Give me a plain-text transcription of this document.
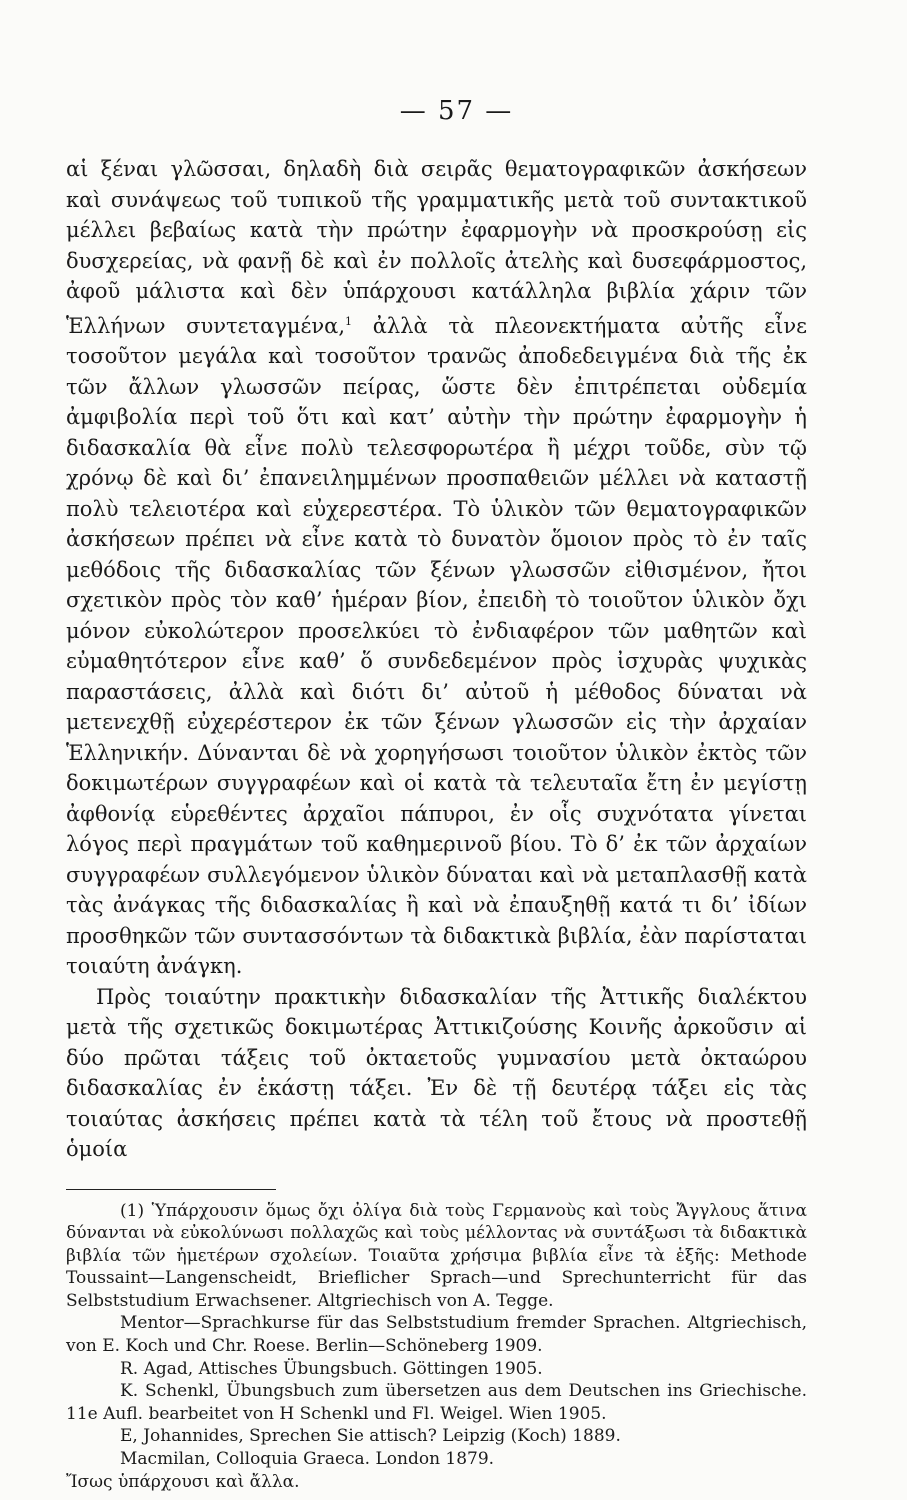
— 57 —

αἱ ξέναι γλῶσσαι, δηλαδὴ διὰ σειρᾶς θεματογραφικῶν ἀσκήσεων καὶ συνάψεως τοῦ τυπικοῦ τῆς γραμματικῆς μετὰ τοῦ συντακτικοῦ μέλλει βεβαίως κατὰ τὴν πρώτην ἐφαρμογὴν νὰ προσκρούσῃ εἰς δυσχερείας, νὰ φανῇ δὲ καὶ ἐν πολλοῖς ἀτελὴς καὶ δυσεφάρμοστος, ἀφοῦ μάλιστα καὶ δὲν ὑπάρχουσι κατάλληλα βιβλία χάριν τῶν Ἑλλήνων συντεταγμένα,$^1$ ἀλλὰ τὰ πλεονεκτήματα αὐτῆς εἶνε τοσοῦτον μεγάλα καὶ τοσοῦτον τρανῶς ἀποδεδειγμένα διὰ τῆς ἐκ τῶν ἄλλων γλωσσῶν πείρας, ὥστε δὲν ἐπιτρέπεται οὐδεμία ἀμφιβολία περὶ τοῦ ὅτι καὶ κατ’ αὐτὴν τὴν πρώτην ἐφαρμογὴν ἡ διδασκαλία θὰ εἶνε πολὺ τελεσφορωτέρα ἢ μέχρι τοῦδε, σὺν τῷ χρόνῳ δὲ καὶ δι’ ἐπανειλημμένων προσπαθειῶν μέλλει νὰ καταστῇ πολὺ τελειοτέρα καὶ εὐχερεστέρα. Τὸ ὑλικὸν τῶν θεματογραφικῶν ἀσκήσεων πρέπει νὰ εἶνε κατὰ τὸ δυνατὸν ὅμοιον πρὸς τὸ ἐν ταῖς μεθόδοις τῆς διδασκαλίας τῶν ξένων γλωσσῶν εἰθισμένον, ἤτοι σχετικὸν πρὸς τὸν καθ’ ἡμέραν βίον, ἐπειδὴ τὸ τοιοῦτον ὑλικὸν ὄχι μόνον εὐκολώτερον προσελκύει τὸ ἐνδιαφέρον τῶν μαθητῶν καὶ εὐμαθητότερον εἶνε καθ’ ὅ συνδεδεμένον πρὸς ἰσχυρὰς ψυχικὰς παραστάσεις, ἀλλὰ καὶ διότι δι’ αὐτοῦ ἡ μέθοδος δύναται νὰ μετενεχθῇ εὐχερέστερον ἐκ τῶν ξένων γλωσσῶν εἰς τὴν ἀρχαίαν Ἑλληνικήν. Δύνανται δὲ νὰ χορηγήσωσι τοιοῦτον ὑλικὸν ἐκτὸς τῶν δοκιμωτέρων συγγραφέων καὶ οἱ κατὰ τὰ τελευταῖα ἔτη ἐν μεγίστῃ ἀφθονίᾳ εὑρεθέντες ἀρχαῖοι πάπυροι, ἐν οἷς συχνότατα γίνεται λόγος περὶ πραγμάτων τοῦ καθημερινοῦ βίου. Τὸ δ’ ἐκ τῶν ἀρχαίων συγγραφέων συλλεγόμενον ὑλικὸν δύναται καὶ νὰ μεταπλασθῇ κατὰ τὰς ἀνάγκας τῆς διδασκαλίας ἢ καὶ νὰ ἐπαυξηθῇ κατά τι δι’ ἰδίων προσθηκῶν τῶν συντασσόντων τὰ διδακτικὰ βιβλία, ἐὰν παρίσταται τοιαύτη ἀνάγκη.

Πρὸς τοιαύτην πρακτικὴν διδασκαλίαν τῆς Ἀττικῆς διαλέκτου μετὰ τῆς σχετικῶς δοκιμωτέρας Ἀττικιζούσης Κοινῆς ἀρκοῦσιν αἱ δύο πρῶται τάξεις τοῦ ὀκταετοῦς γυμνασίου μετὰ ὀκταώρου διδασκαλίας ἐν ἑκάστῃ τάξει. Ἐν δὲ τῇ δευτέρᾳ τάξει εἰς τὰς τοιαύτας ἀσκήσεις πρέπει κατὰ τὰ τέλη τοῦ ἔτους νὰ προστεθῇ ὁμοία

(1) Ὑπάρχουσιν ὅμως ὄχι ὀλίγα διὰ τοὺς Γερμανοὺς καὶ τοὺς Ἄγγλους ἅτινα δύνανται νὰ εὐκολύνωσι πολλαχῶς καὶ τοὺς μέλλοντας νὰ συντάξωσι τὰ διδακτικὰ βιβλία τῶν ἡμετέρων σχολείων. Τοιαῦτα χρήσιμα βιβλία εἶνε τὰ ἑξῆς: Methode Toussaint—Langenscheidt, Brieflicher Sprach—und Sprechunterricht für das Selbststudium Erwachsener. Altgriechisch von A. Tegge.

Mentor—Sprachkurse für das Selbststudium fremder Sprachen. Altgriechisch, von E. Koch und Chr. Roese. Berlin—Schöneberg 1909.

R. Agad, Attisches Übungsbuch. Göttingen 1905.

K. Schenkl, Übungsbuch zum übersetzen aus dem Deutschen ins Griechische. 11e Aufl. bearbeitet von H Schenkl und Fl. Weigel. Wien 1905.

E, Johannides, Sprechen Sie attisch? Leipzig (Koch) 1889.

Macmilan, Colloquia Graeca. London 1879.

Ἴσως ὑπάρχουσι καὶ ἄλλα.
